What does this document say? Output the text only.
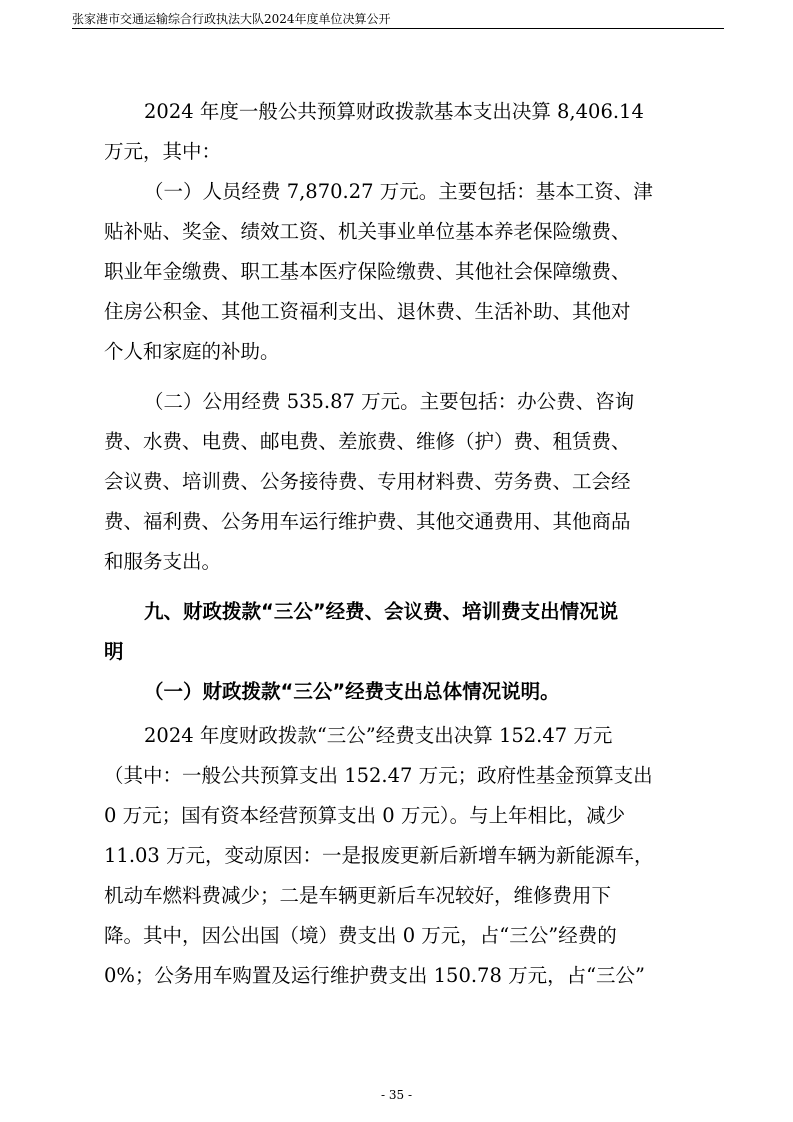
张家港市交通运输综合行政执法大队2024年度单位决算公开
2024 年度一般公共预算财政拨款基本支出决算 8,406.14
万元，其中：
（一）人员经费 7,870.27 万元。主要包括：基本工资、津
贴补贴、奖金、绩效工资、机关事业单位基本养老保险缴费、
职业年金缴费、职工基本医疗保险缴费、其他社会保障缴费、
住房公积金、其他工资福利支出、退休费、生活补助、其他对
个人和家庭的补助。
（二）公用经费 535.87 万元。主要包括：办公费、咨询
费、水费、电费、邮电费、差旅费、维修（护）费、租赁费、
会议费、培训费、公务接待费、专用材料费、劳务费、工会经
费、福利费、公务用车运行维护费、其他交通费用、其他商品
和服务支出。
九、财政拨款“三公”经费、会议费、培训费支出情况说
明
（一）财政拨款“三公”经费支出总体情况说明。
2024 年度财政拨款“三公”经费支出决算 152.47 万元
（其中：一般公共预算支出 152.47 万元；政府性基金预算支出
0 万元；国有资本经营预算支出 0 万元）。与上年相比，减少
11.03 万元，变动原因：一是报废更新后新增车辆为新能源车，
机动车燃料费减少；二是车辆更新后车况较好，维修费用下
降。其中，因公出国（境）费支出 0 万元，占“三公”经费的
0%；公务用车购置及运行维护费支出 150.78 万元，占“三公”
- 35 -
